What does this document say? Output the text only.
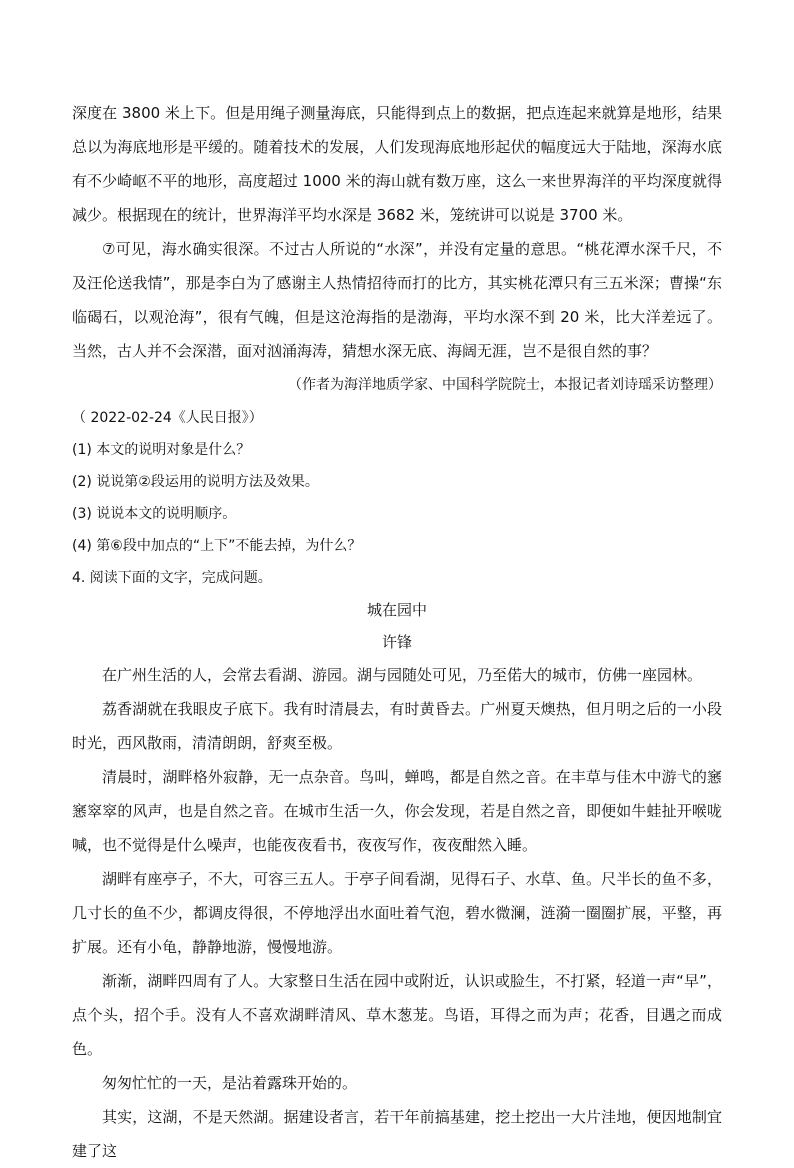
深度在 3800 米上下。但是用绳子测量海底，只能得到点上的数据，把点连起来就算是地形，结果总以为海底地形是平缓的。随着技术的发展，人们发现海底地形起伏的幅度远大于陆地，深海水底有不少崎岖不平的地形，高度超过 1000 米的海山就有数万座，这么一来世界海洋的平均深度就得减少。根据现在的统计，世界海洋平均水深是 3682 米，笼统讲可以说是 3700 米。

⑦可见，海水确实很深。不过古人所说的“水深”，并没有定量的意思。“桃花潭水深千尺，不及汪伦送我情”，那是李白为了感谢主人热情招待而打的比方，其实桃花潭只有三五米深；曹操“东临碣石，以观沧海”，很有气魄，但是这沧海指的是渤海，平均水深不到 20 米，比大洋差远了。当然，古人并不会深潜，面对汹涌海涛，猜想水深无底、海阔无涯，岂不是很自然的事？

（作者为海洋地质学家、中国科学院院士，本报记者刘诗瑶采访整理）

（ 2022-02-24《人民日报》）

(1) 本文的说明对象是什么？

(2) 说说第②段运用的说明方法及效果。

(3) 说说本文的说明顺序。

(4) 第⑥段中加点的“上下”不能去掉，为什么？

4. 阅读下面的文字，完成问题。

城在园中

许锋

在广州生活的人，会常去看湖、游园。湖与园随处可见，乃至偌大的城市，仿佛一座园林。

荔香湖就在我眼皮子底下。我有时清晨去，有时黄昏去。广州夏天燠热，但月明之后的一小段时光，西风散雨，清清朗朗，舒爽至极。

清晨时，湖畔格外寂静，无一点杂音。鸟叫，蝉鸣，都是自然之音。在丰草与佳木中游弋的窸窸窣窣的风声，也是自然之音。在城市生活一久，你会发现，若是自然之音，即便如牛蛙扯开喉咙喊，也不觉得是什么噪声，也能夜夜看书，夜夜写作，夜夜酣然入睡。

湖畔有座亭子，不大，可容三五人。于亭子间看湖，见得石子、水草、鱼。尺半长的鱼不多，几寸长的鱼不少，都调皮得很，不停地浮出水面吐着气泡，碧水微澜，涟漪一圈圈扩展，平整，再扩展。还有小龟，静静地游，慢慢地游。

渐渐，湖畔四周有了人。大家整日生活在园中或附近，认识或脸生，不打紧，轻道一声“早”，点个头，招个手。没有人不喜欢湖畔清风、草木葱茏。鸟语，耳得之而为声；花香，目遇之而成色。

匆匆忙忙的一天，是沾着露珠开始的。

其实，这湖，不是天然湖。据建设者言，若干年前搞基建，挖土挖出一大片洼地，便因地制宜建了这
